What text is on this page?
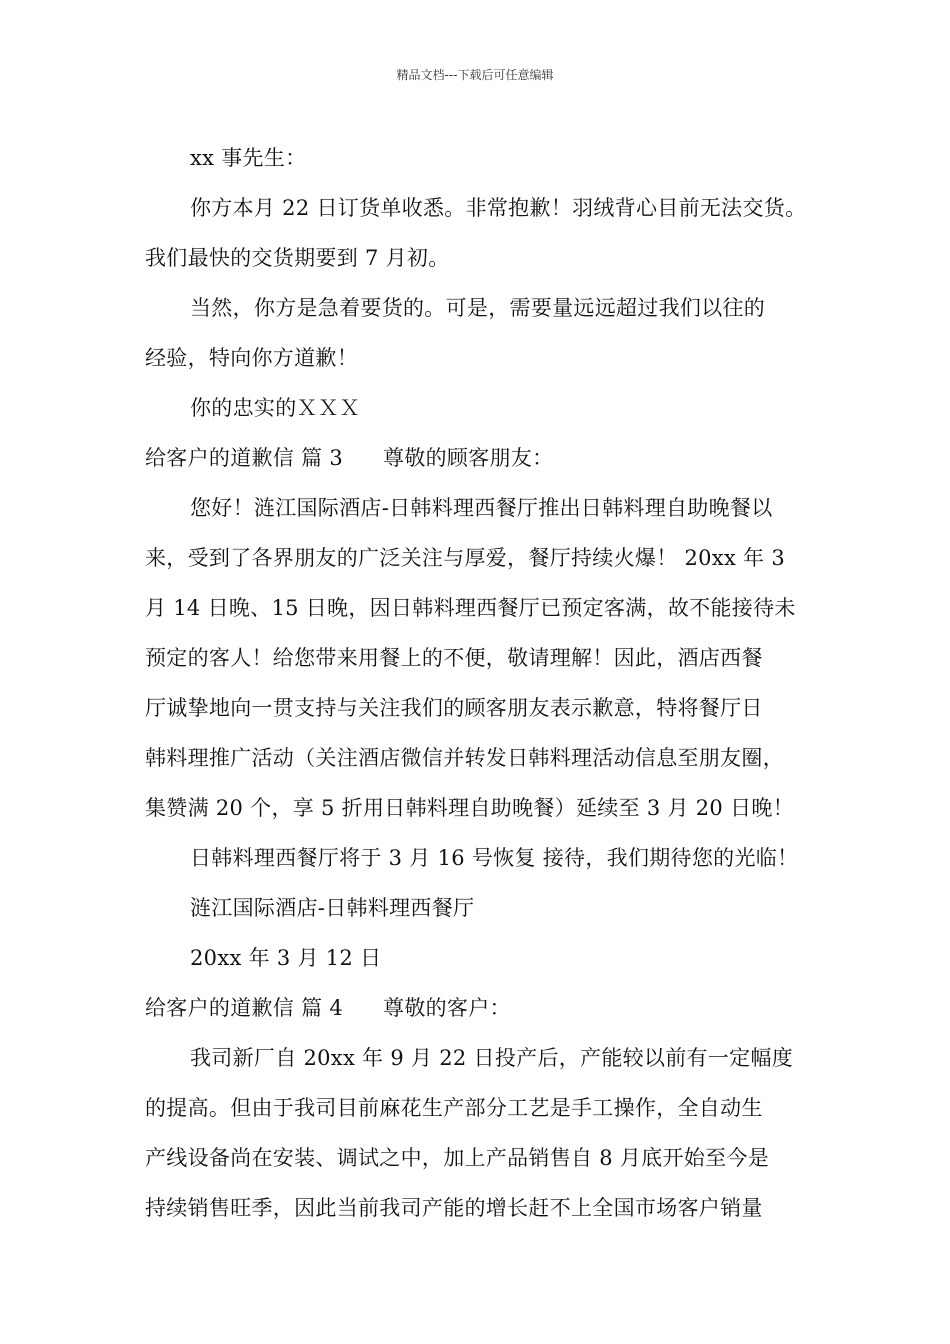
精品文档---下载后可任意编辑
xx 事先生：
你方本月 22 日订货单收悉。非常抱歉！羽绒背心目前无法交货。
我们最快的交货期要到 7 月初。
当然，你方是急着要货的。可是，需要量远远超过我们以往的
经验，特向你方道歉！
你的忠实的ＸＸＸ
给客户的道歉信 篇 3 尊敬的顾客朋友：
您好！涟江国际酒店-日韩料理西餐厅推出日韩料理自助晚餐以
来，受到了各界朋友的广泛关注与厚爱，餐厅持续火爆！ 20xx 年 3
月 14 日晚、15 日晚，因日韩料理西餐厅已预定客满，故不能接待未
预定的客人！给您带来用餐上的不便，敬请理解！因此，酒店西餐
厅诚挚地向一贯支持与关注我们的顾客朋友表示歉意，特将餐厅日
韩料理推广活动（关注酒店微信并转发日韩料理活动信息至朋友圈，
集赞满 20 个，享 5 折用日韩料理自助晚餐）延续至 3 月 20 日晚！
日韩料理西餐厅将于 3 月 16 号恢复 接待，我们期待您的光临！
涟江国际酒店-日韩料理西餐厅
20xx 年 3 月 12 日
给客户的道歉信 篇 4 尊敬的客户：
我司新厂自 20xx 年 9 月 22 日投产后，产能较以前有一定幅度
的提高。但由于我司目前麻花生产部分工艺是手工操作，全自动生
产线设备尚在安装、调试之中，加上产品销售自 8 月底开始至今是
持续销售旺季，因此当前我司产能的增长赶不上全国市场客户销量
